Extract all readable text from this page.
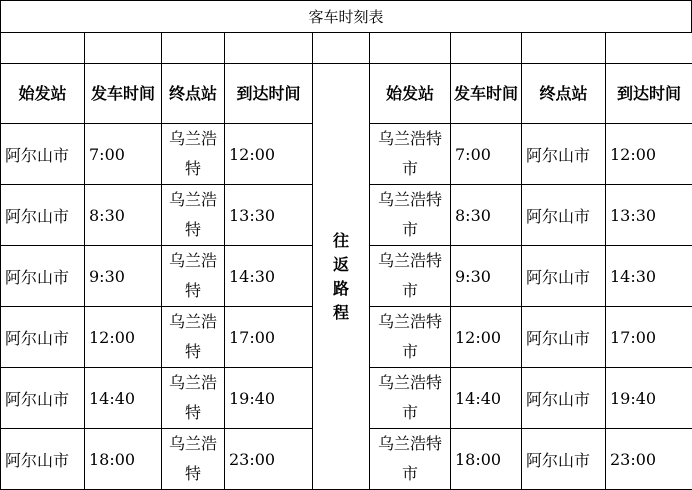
客车时刻表

始发站	发车时间	终点站	到达时间	往返路程	始发站	发车时间	终点站	到达时间
阿尔山市	7:00	乌兰浩特	12:00		乌兰浩特市	7:00	阿尔山市	12:00
阿尔山市	8:30	乌兰浩特	13:30		乌兰浩特市	8:30	阿尔山市	13:30
阿尔山市	9:30	乌兰浩特	14:30		乌兰浩特市	9:30	阿尔山市	14:30
阿尔山市	12:00	乌兰浩特	17:00		乌兰浩特市	12:00	阿尔山市	17:00
阿尔山市	14:40	乌兰浩特	19:40		乌兰浩特市	14:40	阿尔山市	19:40
阿尔山市	18:00	乌兰浩特	23:00		乌兰浩特市	18:00	阿尔山市	23:00
